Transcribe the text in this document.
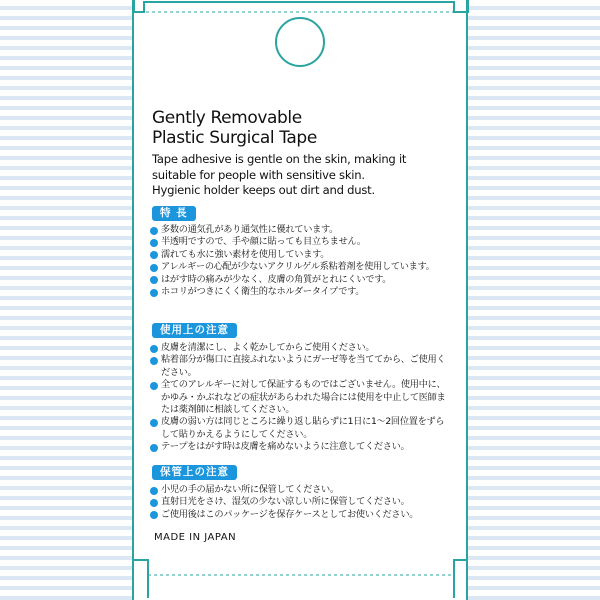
Gently Removable
Plastic Surgical Tape
Tape adhesive is gentle on the skin, making it
suitable for people with sensitive skin.
Hygienic holder keeps out dirt and dust.
特 長
多数の通気孔があり通気性に優れています。
半透明ですので、手や顔に貼っても目立ちません。
濡れても水に強い素材を使用しています。
アレルギーの心配が少ないアクリルゲル系粘着剤を使用しています。
はがす時の痛みが少なく、皮膚の角質がとれにくいです。
ホコリがつきにくく衛生的なホルダータイプです。
使用上の注意
皮膚を清潔にし、よく乾かしてからご使用ください。
粘着部分が傷口に直接ふれないようにガーゼ等を当ててから、ご使用ください。
全てのアレルギーに対して保証するものではございません。使用中に、かゆみ・かぶれなどの症状があらわれた場合には使用を中止して医師または薬剤師に相談してください。
皮膚の弱い方は同じところに繰り返し貼らずに1日に1〜2回位置をずらして貼りかえるようにしてください。
テープをはがす時は皮膚を痛めないように注意してください。
保管上の注意
小児の手の届かない所に保管してください。
直射日光をさけ、湿気の少ない涼しい所に保管してください。
ご使用後はこのパッケージを保存ケースとしてお使いください。
MADE IN JAPAN
